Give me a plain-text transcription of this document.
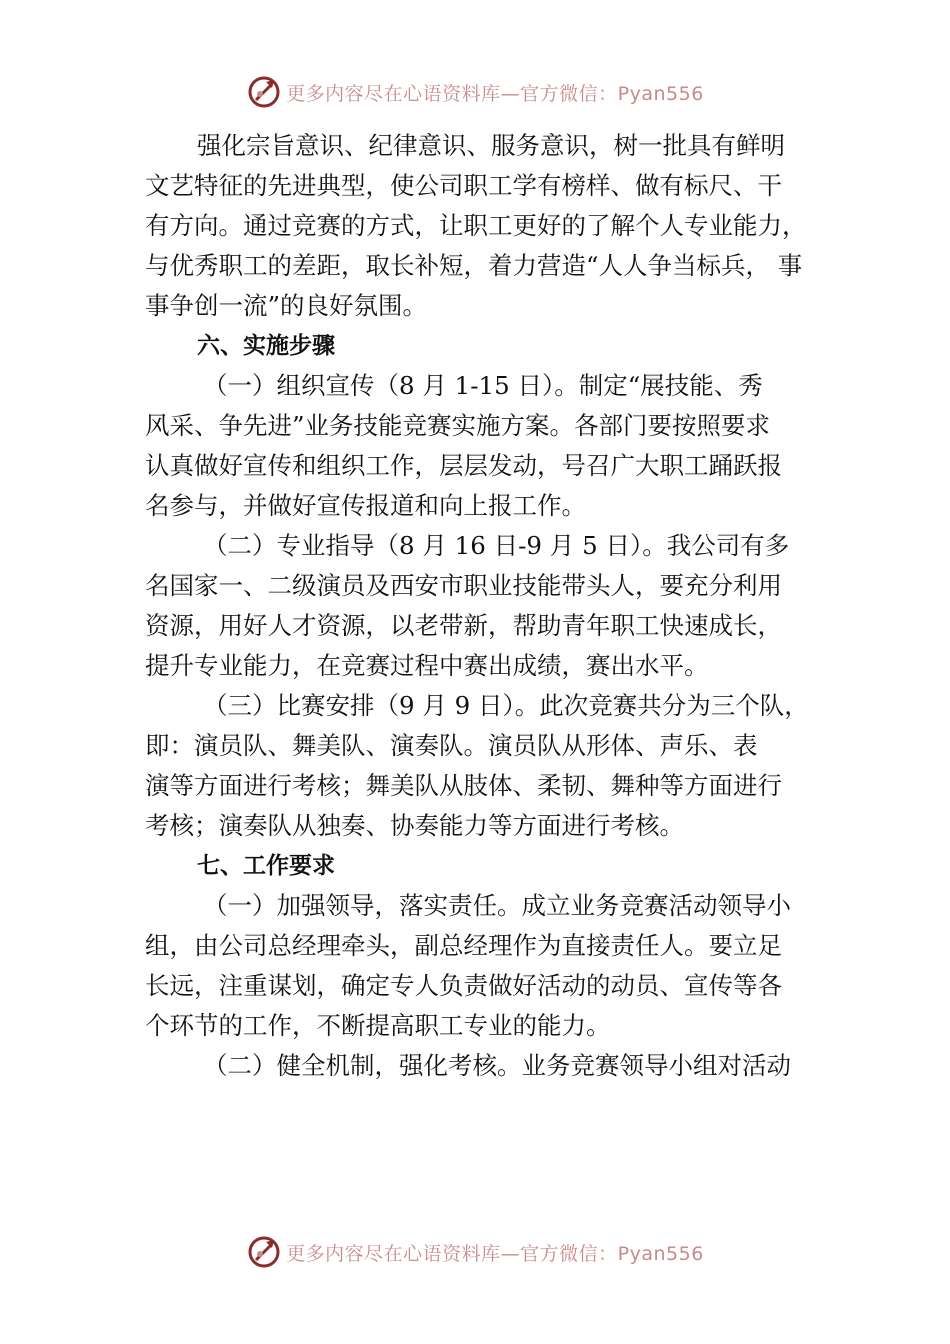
更多内容尽在心语资料库—官方微信：Pyan556
强化宗旨意识、纪律意识、服务意识，树一批具有鲜明
文艺特征的先进典型，使公司职工学有榜样、做有标尺、干
有方向。通过竞赛的方式，让职工更好的了解个人专业能力，
与优秀职工的差距，取长补短，着力营造“人人争当标兵， 事
事争创一流”的良好氛围。
六、实施步骤
（一）组织宣传（8 月 1-15 日）。制定“展技能、秀
风采、争先进”业务技能竞赛实施方案。各部门要按照要求
认真做好宣传和组织工作，层层发动，号召广大职工踊跃报
名参与，并做好宣传报道和向上报工作。
（二）专业指导（8 月 16 日-9 月 5 日）。我公司有多
名国家一、二级演员及西安市职业技能带头人，要充分利用
资源，用好人才资源，以老带新，帮助青年职工快速成长，
提升专业能力，在竞赛过程中赛出成绩，赛出水平。
（三）比赛安排（9 月 9 日）。此次竞赛共分为三个队，
即：演员队、舞美队、演奏队。演员队从形体、声乐、表
演等方面进行考核；舞美队从肢体、柔韧、舞种等方面进行
考核；演奏队从独奏、协奏能力等方面进行考核。
七、工作要求
（一）加强领导，落实责任。成立业务竞赛活动领导小
组，由公司总经理牵头，副总经理作为直接责任人。要立足
长远，注重谋划，确定专人负责做好活动的动员、宣传等各
个环节的工作，不断提高职工专业的能力。
（二）健全机制，强化考核。业务竞赛领导小组对活动
更多内容尽在心语资料库—官方微信：Pyan556
